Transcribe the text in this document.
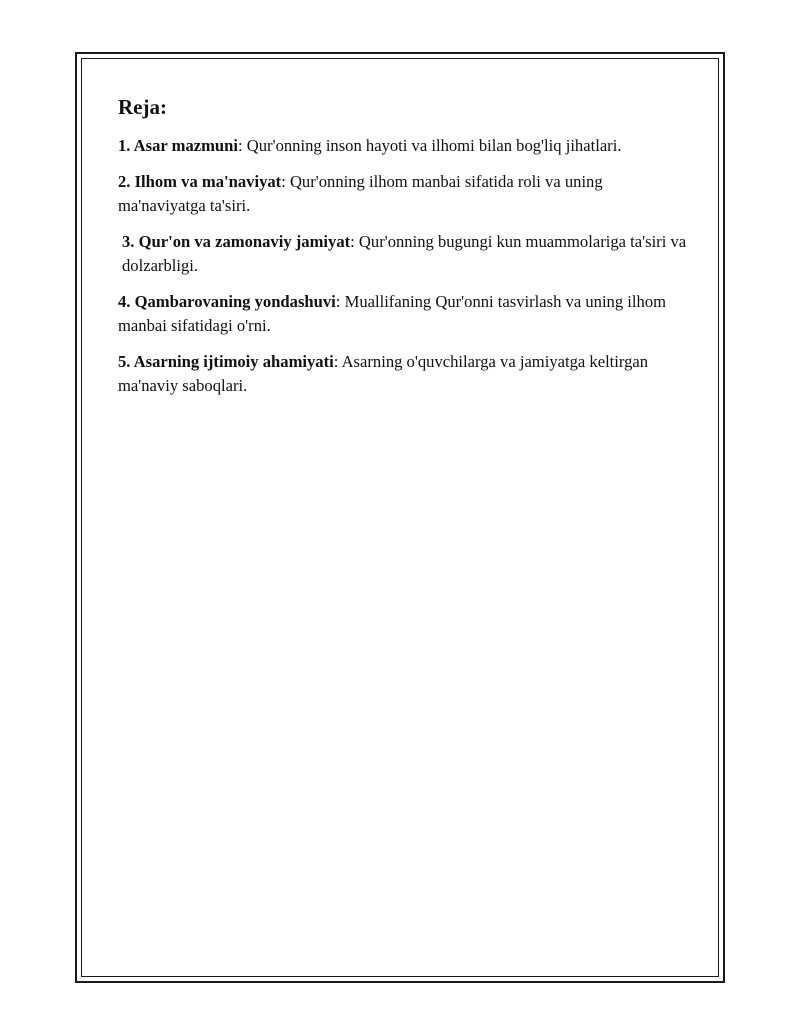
Reja:

1. Asar mazmuni: Qur'onning inson hayoti va ilhomi bilan bog'liq jihatlari.

2. Ilhom va ma'naviyat: Qur'onning ilhom manbai sifatida roli va uning ma'naviyatga ta'siri.

3. Qur'on va zamonaviy jamiyat: Qur'onning bugungi kun muammolariga ta'siri va dolzarbligi.

4. Qambarovaning yondashuvi: Muallifaning Qur'onni tasvirlash va uning ilhom manbai sifatidagi o'rni.

5. Asarning ijtimoiy ahamiyati: Asarning o'quvchilarga va jamiyatga keltirgan ma'naviy saboqlari.
